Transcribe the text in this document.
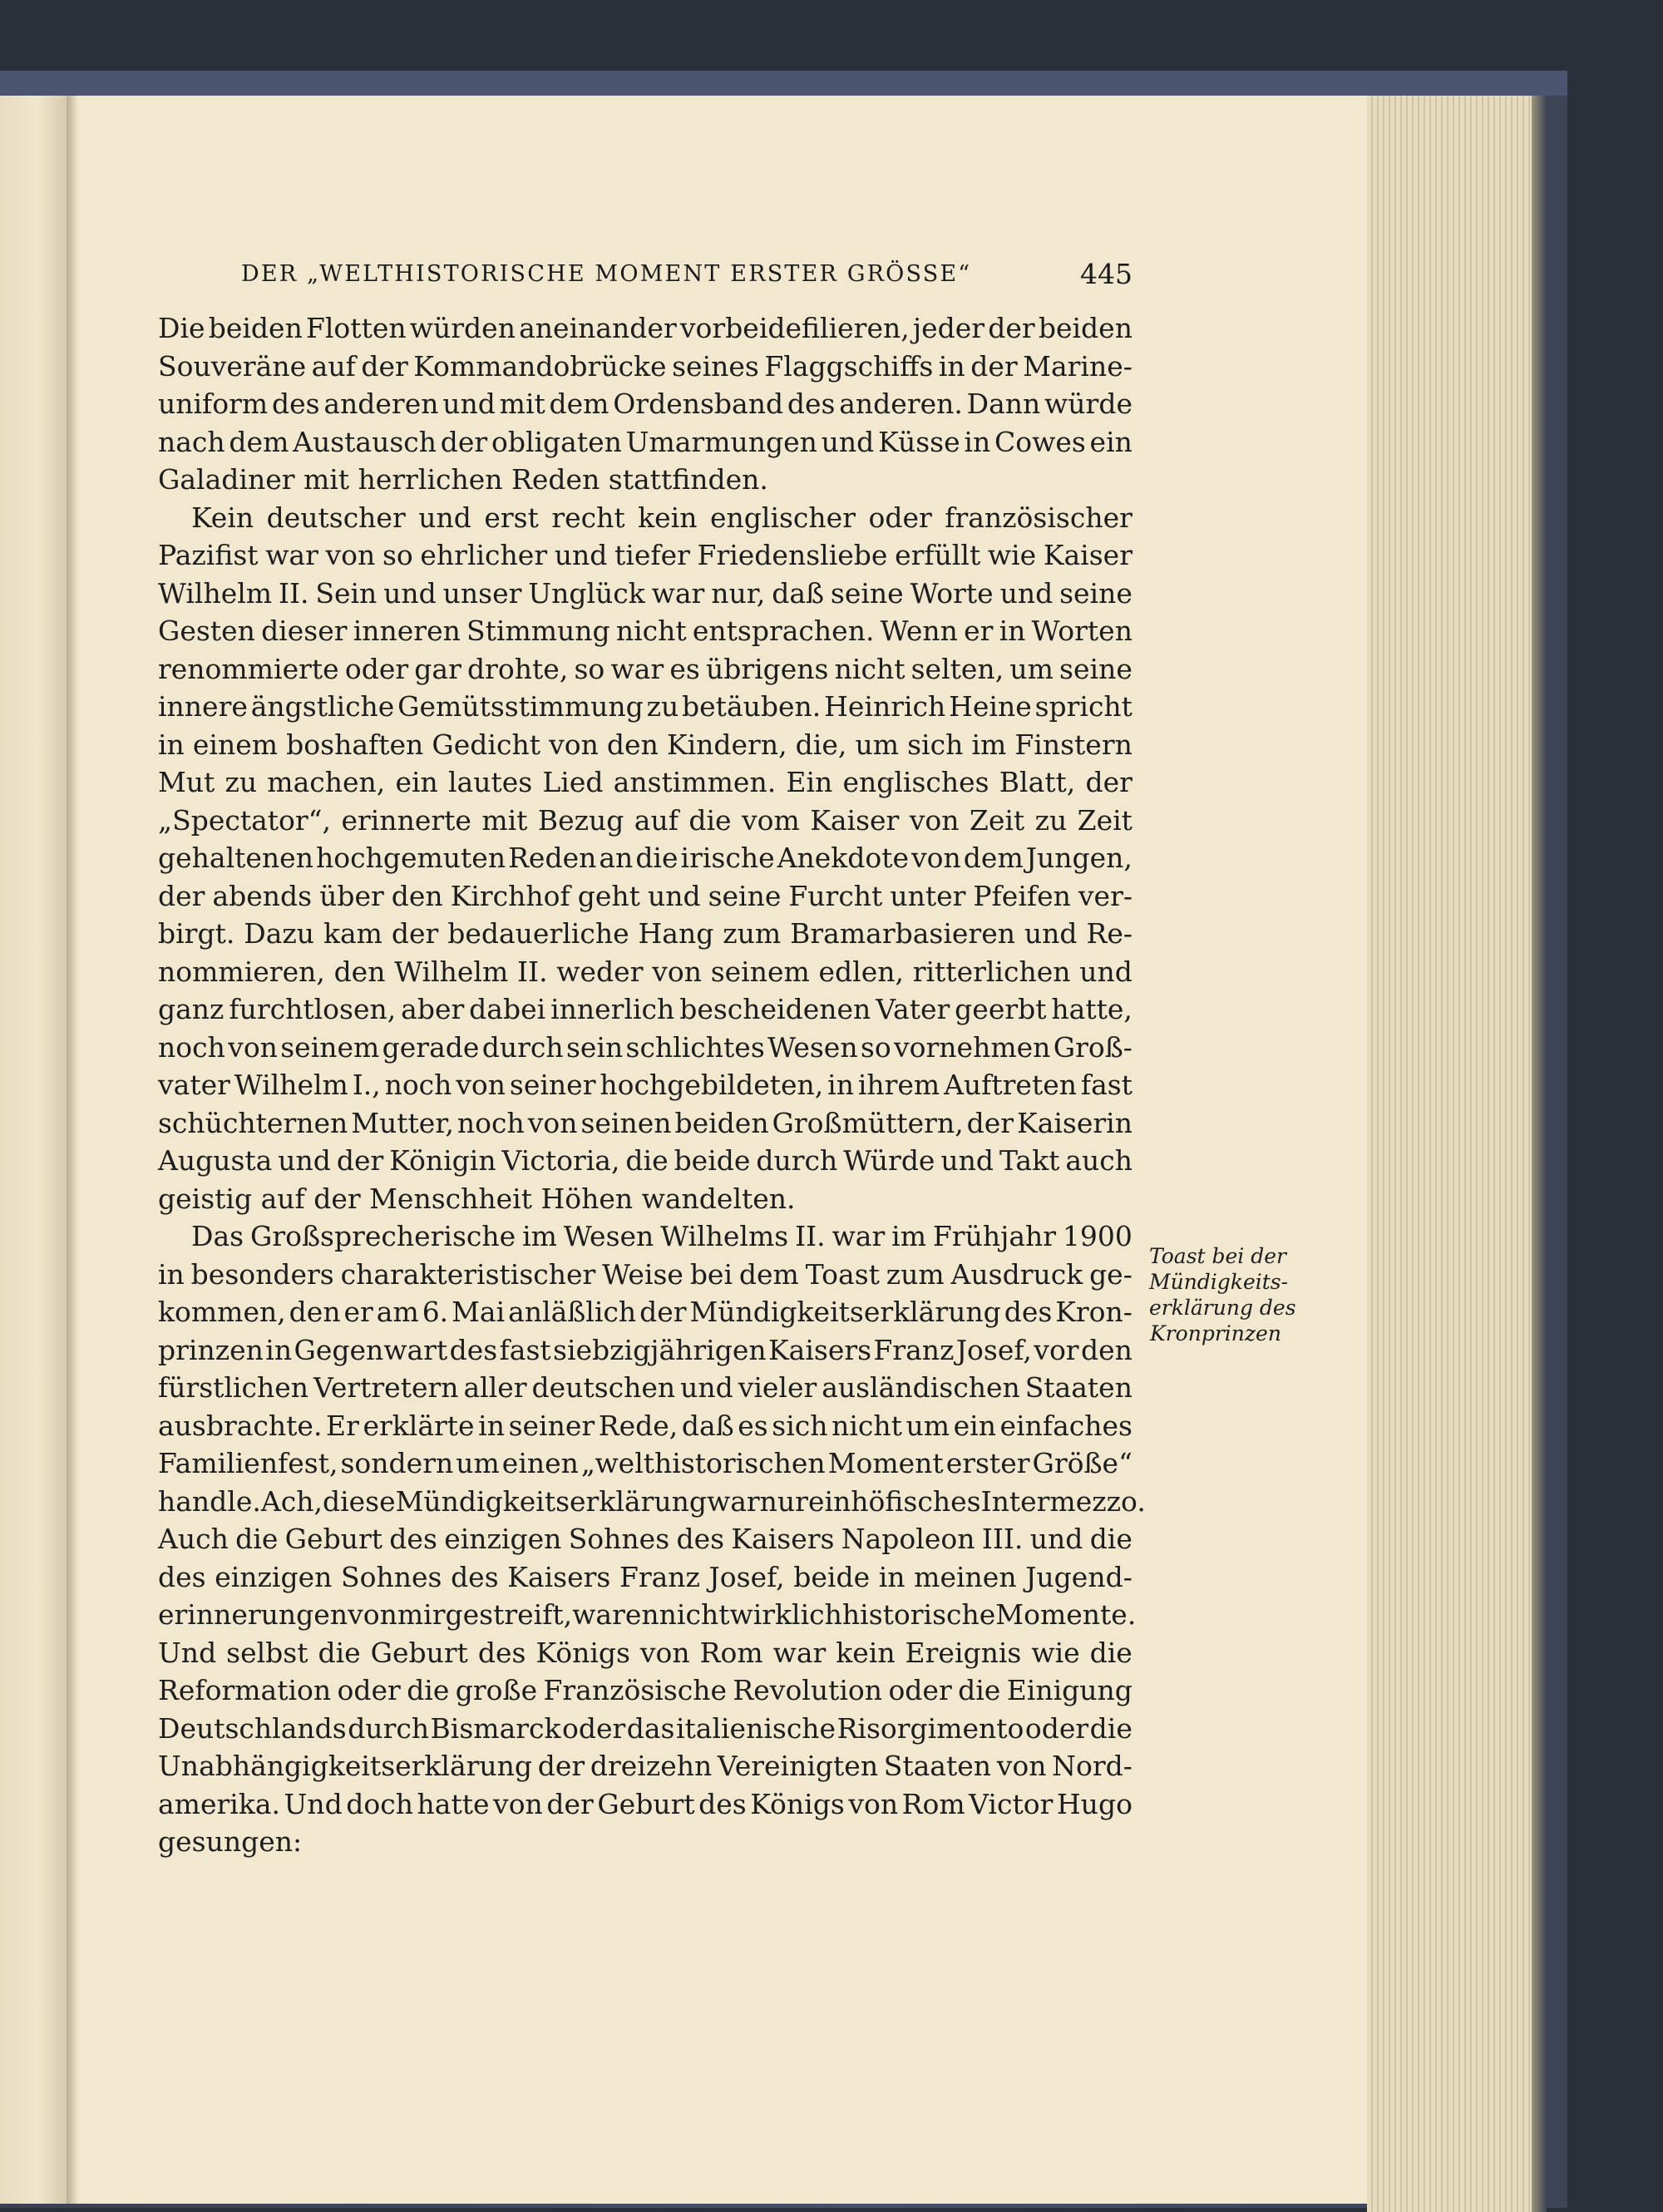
DER „WELTHISTORISCHE MOMENT ERSTER GRÖSSE“	445
Die beiden Flotten würden aneinander vorbeidefilieren, jeder der beiden
Souveräne auf der Kommandobrücke seines Flaggschiffs in der Marine-
uniform des anderen und mit dem Ordensband des anderen. Dann würde
nach dem Austausch der obligaten Umarmungen und Küsse in Cowes ein
Galadiner mit herrlichen Reden stattfinden.
Kein deutscher und erst recht kein englischer oder französischer
Pazifist war von so ehrlicher und tiefer Friedensliebe erfüllt wie Kaiser
Wilhelm II. Sein und unser Unglück war nur, daß seine Worte und seine
Gesten dieser inneren Stimmung nicht entsprachen. Wenn er in Worten
renommierte oder gar drohte, so war es übrigens nicht selten, um seine
innere ängstliche Gemütsstimmung zu betäuben. Heinrich Heine spricht
in einem boshaften Gedicht von den Kindern, die, um sich im Finstern
Mut zu machen, ein lautes Lied anstimmen. Ein englisches Blatt, der
„Spectator“, erinnerte mit Bezug auf die vom Kaiser von Zeit zu Zeit
gehaltenen hochgemuten Reden an die irische Anekdote von dem Jungen,
der abends über den Kirchhof geht und seine Furcht unter Pfeifen ver-
birgt. Dazu kam der bedauerliche Hang zum Bramarbasieren und Re-
nommieren, den Wilhelm II. weder von seinem edlen, ritterlichen und
ganz furchtlosen, aber dabei innerlich bescheidenen Vater geerbt hatte,
noch von seinem gerade durch sein schlichtes Wesen so vornehmen Groß-
vater Wilhelm I., noch von seiner hochgebildeten, in ihrem Auftreten fast
schüchternen Mutter, noch von seinen beiden Großmüttern, der Kaiserin
Augusta und der Königin Victoria, die beide durch Würde und Takt auch
geistig auf der Menschheit Höhen wandelten.
Das Großsprecherische im Wesen Wilhelms II. war im Frühjahr 1900
in besonders charakteristischer Weise bei dem Toast zum Ausdruck ge-
kommen, den er am 6. Mai anläßlich der Mündigkeitserklärung des Kron-
prinzen in Gegenwart des fast siebzigjährigen Kaisers Franz Josef, vor den
fürstlichen Vertretern aller deutschen und vieler ausländischen Staaten
ausbrachte. Er erklärte in seiner Rede, daß es sich nicht um ein einfaches
Familienfest, sondern um einen „welthistorischen Moment erster Größe“
handle. Ach, diese Mündigkeitserklärung war nur ein höfisches Intermezzo.
Auch die Geburt des einzigen Sohnes des Kaisers Napoleon III. und die
des einzigen Sohnes des Kaisers Franz Josef, beide in meinen Jugend-
erinnerungen von mir gestreift, waren nicht wirklich historische Momente.
Und selbst die Geburt des Königs von Rom war kein Ereignis wie die
Reformation oder die große Französische Revolution oder die Einigung
Deutschlands durch Bismarck oder das italienische Risorgimento oder die
Unabhängigkeitserklärung der dreizehn Vereinigten Staaten von Nord-
amerika. Und doch hatte von der Geburt des Königs von Rom Victor Hugo
gesungen:
Toast bei der
Mündigkeits-
erklärung des
Kronprinzen
